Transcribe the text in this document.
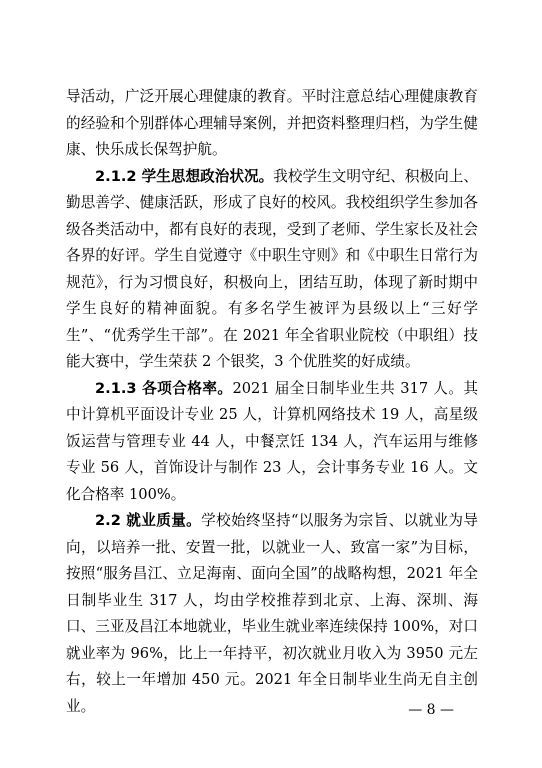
导活动，广泛开展心理健康的教育。平时注意总结心理健康教育的经验和个别群体心理辅导案例，并把资料整理归档，为学生健康、快乐成长保驾护航。

2.1.2 学生思想政治状况。我校学生文明守纪、积极向上、勤思善学、健康活跃，形成了良好的校风。我校组织学生参加各级各类活动中，都有良好的表现，受到了老师、学生家长及社会各界的好评。学生自觉遵守《中职生守则》和《中职生日常行为规范》，行为习惯良好，积极向上，团结互助，体现了新时期中学生良好的精神面貌。有多名学生被评为县级以上“三好学生”、“优秀学生干部”。在 2021 年全省职业院校（中职组）技能大赛中，学生荣获 2 个银奖，3 个优胜奖的好成绩。

2.1.3 各项合格率。2021 届全日制毕业生共 317 人。其中计算机平面设计专业 25 人，计算机网络技术 19 人，高星级饭运营与管理专业 44 人，中餐烹饪 134 人，汽车运用与维修专业 56 人，首饰设计与制作 23 人，会计事务专业 16 人。文化合格率 100%。

2.2 就业质量。学校始终坚持“以服务为宗旨、以就业为导向，以培养一批、安置一批，以就业一人、致富一家”为目标，按照“服务昌江、立足海南、面向全国”的战略构想，2021 年全日制毕业生 317 人，均由学校推荐到北京、上海、深圳、海口、三亚及昌江本地就业，毕业生就业率连续保持 100%，对口就业率为 96%，比上一年持平，初次就业月收入为 3950 元左右，较上一年增加 450 元。2021 年全日制毕业生尚无自主创业。	— 8 —
